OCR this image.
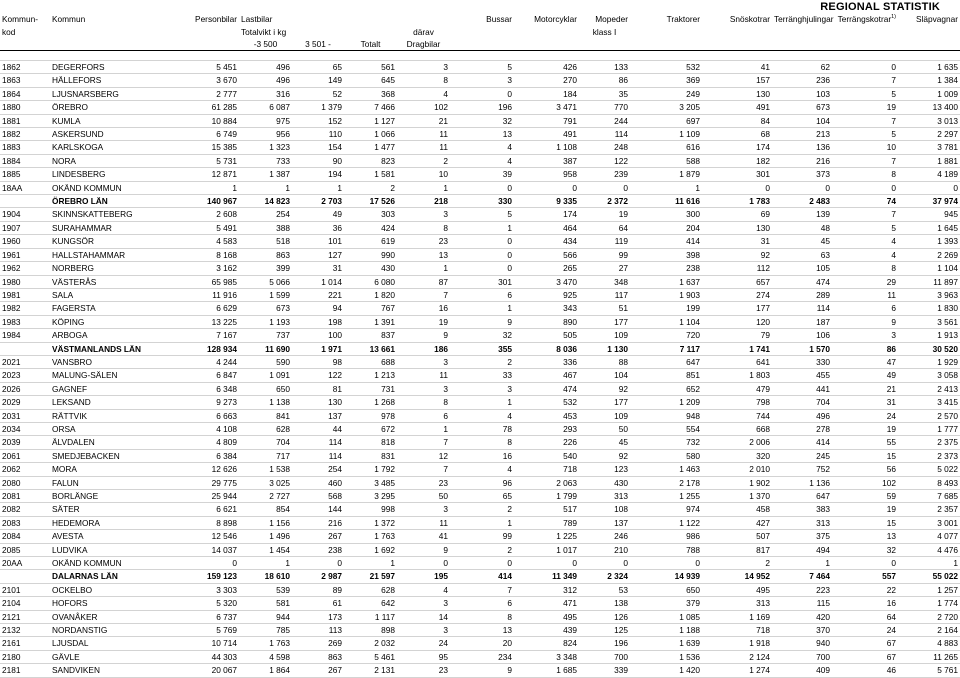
REGIONAL STATISTIK
Kommun-	Kommun	Personbilar	Lastbilar				Bussar	Motorcyklar	Mopeder	Traktorer	Snöskotrar	Terränghjulingar	Terrängskotrar$^{1)}$	Släpvagnar
kod			Totalvikt i kg			därav			klass I					
			-3 500	3 501 -	Totalt	Dragbilar								

1862	DEGERFORS	5 451	496	65	561	3	5	426	133	532	41	62	0	1 635
1863	HÄLLEFORS	3 670	496	149	645	8	3	270	86	369	157	236	7	1 384
1864	LJUSNARSBERG	2 777	316	52	368	4	0	184	35	249	130	103	5	1 009
1880	ÖREBRO	61 285	6 087	1 379	7 466	102	196	3 471	770	3 205	491	673	19	13 400
1881	KUMLA	10 884	975	152	1 127	21	32	791	244	697	84	104	7	3 013
1882	ASKERSUND	6 749	956	110	1 066	11	13	491	114	1 109	68	213	5	2 297
1883	KARLSKOGA	15 385	1 323	154	1 477	11	4	1 108	248	616	174	136	10	3 781
1884	NORA	5 731	733	90	823	2	4	387	122	588	182	216	7	1 881
1885	LINDESBERG	12 871	1 387	194	1 581	10	39	958	239	1 879	301	373	8	4 189
18AA	OKÄND KOMMUN	1	1	1	2	1	0	0	0	1	0	0	0	0
	ÖREBRO LÄN	140 967	14 823	2 703	17 526	218	330	9 335	2 372	11 616	1 783	2 483	74	37 974
1904	SKINNSKATTEBERG	2 608	254	49	303	3	5	174	19	300	69	139	7	945
1907	SURAHAMMAR	5 491	388	36	424	8	1	464	64	204	130	48	5	1 645
1960	KUNGSÖR	4 583	518	101	619	23	0	434	119	414	31	45	4	1 393
1961	HALLSTAHAMMAR	8 168	863	127	990	13	0	566	99	398	92	63	4	2 269
1962	NORBERG	3 162	399	31	430	1	0	265	27	238	112	105	8	1 104
1980	VÄSTERÅS	65 985	5 066	1 014	6 080	87	301	3 470	348	1 637	657	474	29	11 897
1981	SALA	11 916	1 599	221	1 820	7	6	925	117	1 903	274	289	11	3 963
1982	FAGERSTA	6 629	673	94	767	16	1	343	51	199	177	114	6	1 830
1983	KÖPING	13 225	1 193	198	1 391	19	9	890	177	1 104	120	187	9	3 561
1984	ARBOGA	7 167	737	100	837	9	32	505	109	720	79	106	3	1 913
	VÄSTMANLANDS LÄN	128 934	11 690	1 971	13 661	186	355	8 036	1 130	7 117	1 741	1 570	86	30 520
2021	VANSBRO	4 244	590	98	688	3	2	336	88	647	641	330	47	1 929
2023	MALUNG-SÄLEN	6 847	1 091	122	1 213	11	33	467	104	851	1 803	455	49	3 058
2026	GAGNEF	6 348	650	81	731	3	3	474	92	652	479	441	21	2 413
2029	LEKSAND	9 273	1 138	130	1 268	8	1	532	177	1 209	798	704	31	3 415
2031	RÄTTVIK	6 663	841	137	978	6	4	453	109	948	744	496	24	2 570
2034	ORSA	4 108	628	44	672	1	78	293	50	554	668	278	19	1 777
2039	ÄLVDALEN	4 809	704	114	818	7	8	226	45	732	2 006	414	55	2 375
2061	SMEDJEBACKEN	6 384	717	114	831	12	16	540	92	580	320	245	15	2 373
2062	MORA	12 626	1 538	254	1 792	7	4	718	123	1 463	2 010	752	56	5 022
2080	FALUN	29 775	3 025	460	3 485	23	96	2 063	430	2 178	1 902	1 136	102	8 493
2081	BORLÄNGE	25 944	2 727	568	3 295	50	65	1 799	313	1 255	1 370	647	59	7 685
2082	SÄTER	6 621	854	144	998	3	2	517	108	974	458	383	19	2 357
2083	HEDEMORA	8 898	1 156	216	1 372	11	1	789	137	1 122	427	313	15	3 001
2084	AVESTA	12 546	1 496	267	1 763	41	99	1 225	246	986	507	375	13	4 077
2085	LUDVIKA	14 037	1 454	238	1 692	9	2	1 017	210	788	817	494	32	4 476
20AA	OKÄND KOMMUN	0	1	0	1	0	0	0	0	0	2	1	0	1
	DALARNAS LÄN	159 123	18 610	2 987	21 597	195	414	11 349	2 324	14 939	14 952	7 464	557	55 022
2101	OCKELBO	3 303	539	89	628	4	7	312	53	650	495	223	22	1 257
2104	HOFORS	5 320	581	61	642	3	6	471	138	379	313	115	16	1 774
2121	OVANÅKER	6 737	944	173	1 117	14	8	495	126	1 085	1 169	420	64	2 720
2132	NORDANSTIG	5 769	785	113	898	3	13	439	125	1 188	718	370	24	2 164
2161	LJUSDAL	10 714	1 763	269	2 032	24	20	824	196	1 639	1 918	940	67	4 883
2180	GÄVLE	44 303	4 598	863	5 461	95	234	3 348	700	1 536	2 124	700	67	11 265
2181	SANDVIKEN	20 067	1 864	267	2 131	23	9	1 685	339	1 420	1 274	409	46	5 761
